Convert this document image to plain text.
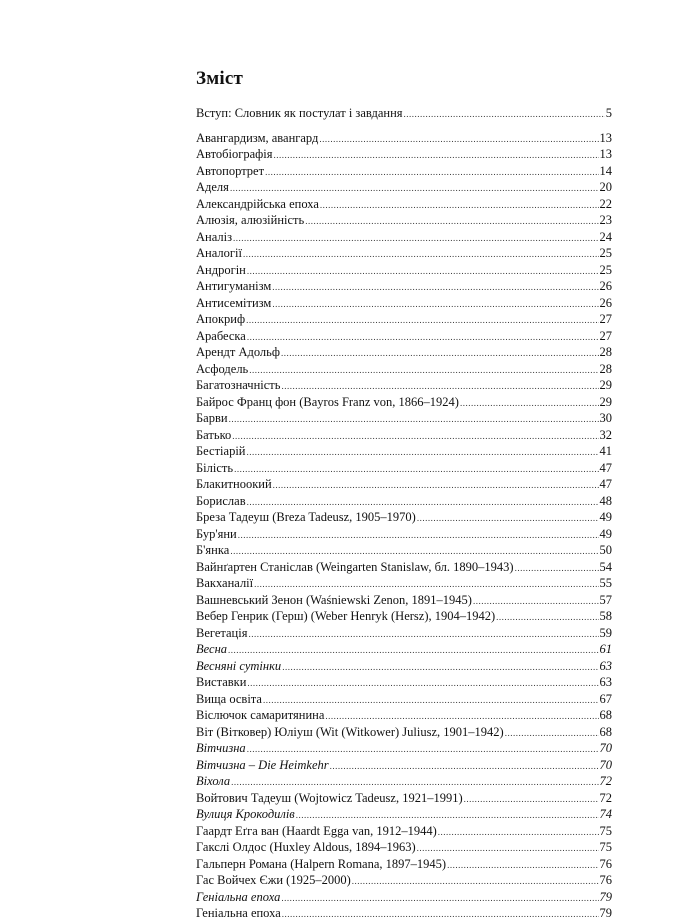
Зміст
Вступ: Словник як постулат і завдання .....	5
Авангардизм, авангард .....	13
Автобіографія .....	13
Автопортрет .....	14
Аделя .....	20
Александрійська епоха .....	22
Алюзія, алюзійність .....	23
Аналіз .....	24
Аналогії .....	25
Андрогін .....	25
Антигуманізм .....	26
Антисемітизм .....	26
Апокриф .....	27
Арабеска .....	27
Арендт Адольф .....	28
Асфодель .....	28
Багатозначність .....	29
Байрос Франц фон (Bayros Franz von, 1866–1924) .....	29
Барви .....	30
Батько .....	32
Бестіарій .....	41
Білість .....	47
Блакитноокий .....	47
Борислав .....	48
Бреза Тадеуш (Breza Tadeusz, 1905–1970) .....	49
Бур'яни .....	49
Б'янка .....	50
Вайнґартен Станіслав (Weingarten Stanislaw, бл. 1890–1943) .....	54
Вакханалії .....	55
Вашневський Зенон (Waśniewski Zenon, 1891–1945) .....	57
Вебер Генрик (Герш) (Weber Henryk (Hersz), 1904–1942) .....	58
Вегетація .....	59
Весна .....	61
Весняні сутінки .....	63
Виставки .....	63
Вища освіта .....	67
Віслючок самаритянина .....	68
Віт (Вітковер) Юліуш (Wit (Witkower) Juliusz, 1901–1942) .....	68
Вітчизна .....	70
Вітчизна – Die Heimkehr .....	70
Віхола .....	72
Войтович Тадеуш (Wojtowicz Tadeusz, 1921–1991) .....	72
Вулиця Крокодилів .....	74
Гаардт Еґга ван (Haardt Egga van, 1912–1944) .....	75
Гакслі Олдос (Huxley Aldous, 1894–1963) .....	75
Гальперн Романа (Halpern Romana, 1897–1945) .....	76
Гас Войчех Єжи (1925–2000) .....	76
Геніальна епоха .....	79
Геніальна епоха .....	79
